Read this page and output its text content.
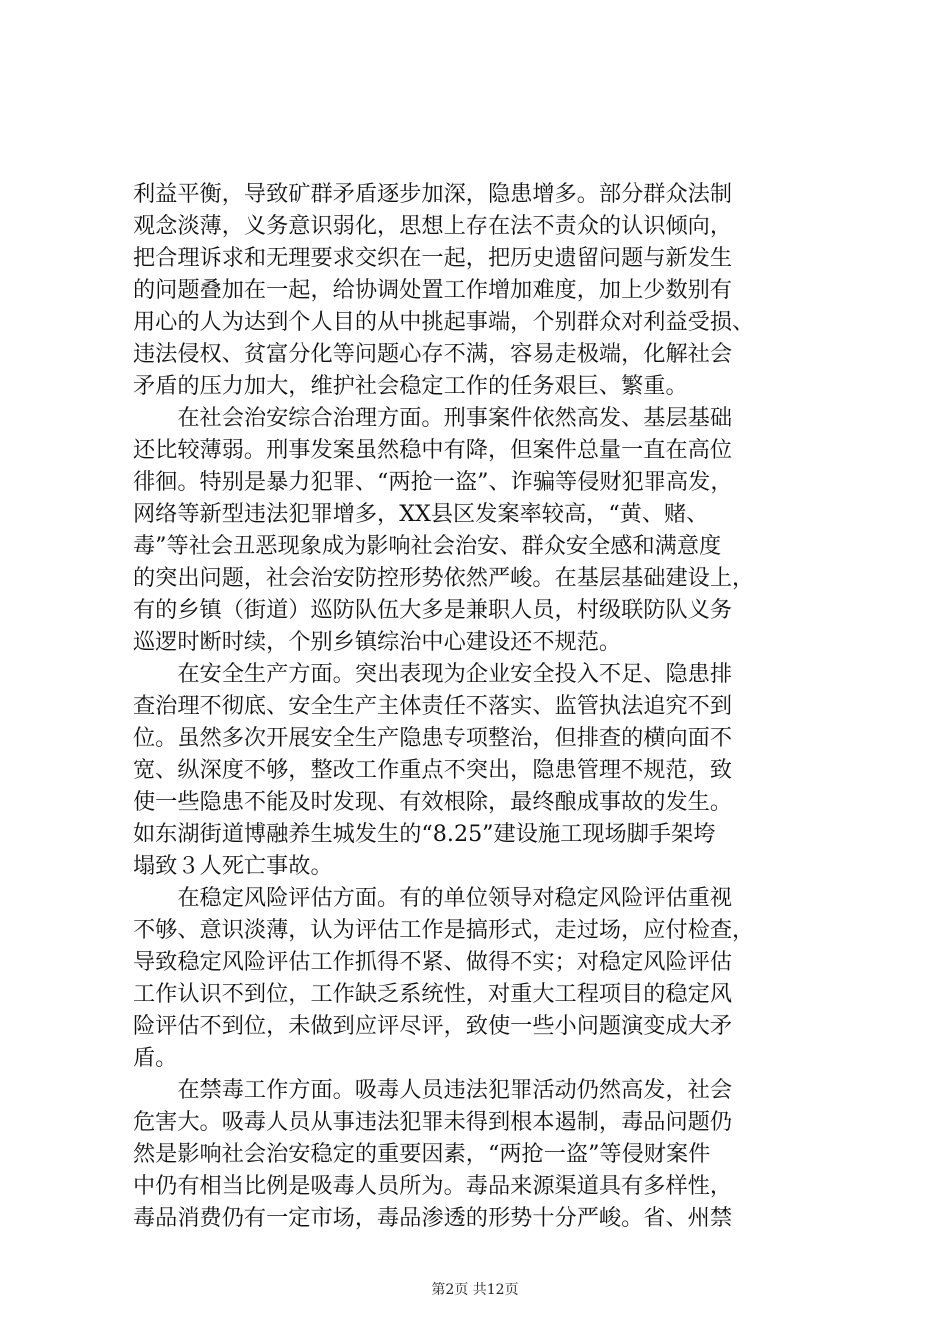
利益平衡，导致矿群矛盾逐步加深，隐患增多。部分群众法制
观念淡薄，义务意识弱化，思想上存在法不责众的认识倾向，
把合理诉求和无理要求交织在一起，把历史遗留问题与新发生
的问题叠加在一起，给协调处置工作增加难度，加上少数别有
用心的人为达到个人目的从中挑起事端，个别群众对利益受损、
违法侵权、贫富分化等问题心存不满，容易走极端，化解社会
矛盾的压力加大，维护社会稳定工作的任务艰巨、繁重。
　　在社会治安综合治理方面。刑事案件依然高发、基层基础
还比较薄弱。刑事发案虽然稳中有降，但案件总量一直在高位
徘徊。特别是暴力犯罪、“两抢一盗”、诈骗等侵财犯罪高发，
网络等新型违法犯罪增多，XX县区发案率较高，“黄、赌、
毒”等社会丑恶现象成为影响社会治安、群众安全感和满意度
的突出问题，社会治安防控形势依然严峻。在基层基础建设上，
有的乡镇（街道）巡防队伍大多是兼职人员，村级联防队义务
巡逻时断时续，个别乡镇综治中心建设还不规范。
　　在安全生产方面。突出表现为企业安全投入不足、隐患排
查治理不彻底、安全生产主体责任不落实、监管执法追究不到
位。虽然多次开展安全生产隐患专项整治，但排查的横向面不
宽、纵深度不够，整改工作重点不突出，隐患管理不规范，致
使一些隐患不能及时发现、有效根除，最终酿成事故的发生。
如东湖街道博融养生城发生的“8.25”建设施工现场脚手架垮
塌致３人死亡事故。
　　在稳定风险评估方面。有的单位领导对稳定风险评估重视
不够、意识淡薄，认为评估工作是搞形式，走过场，应付检查，
导致稳定风险评估工作抓得不紧、做得不实；对稳定风险评估
工作认识不到位，工作缺乏系统性，对重大工程项目的稳定风
险评估不到位，未做到应评尽评，致使一些小问题演变成大矛
盾。
　　在禁毒工作方面。吸毒人员违法犯罪活动仍然高发，社会
危害大。吸毒人员从事违法犯罪未得到根本遏制，毒品问题仍
然是影响社会治安稳定的重要因素，“两抢一盗”等侵财案件
中仍有相当比例是吸毒人员所为。毒品来源渠道具有多样性，
毒品消费仍有一定市场，毒品渗透的形势十分严峻。省、州禁
第2页 共12页
